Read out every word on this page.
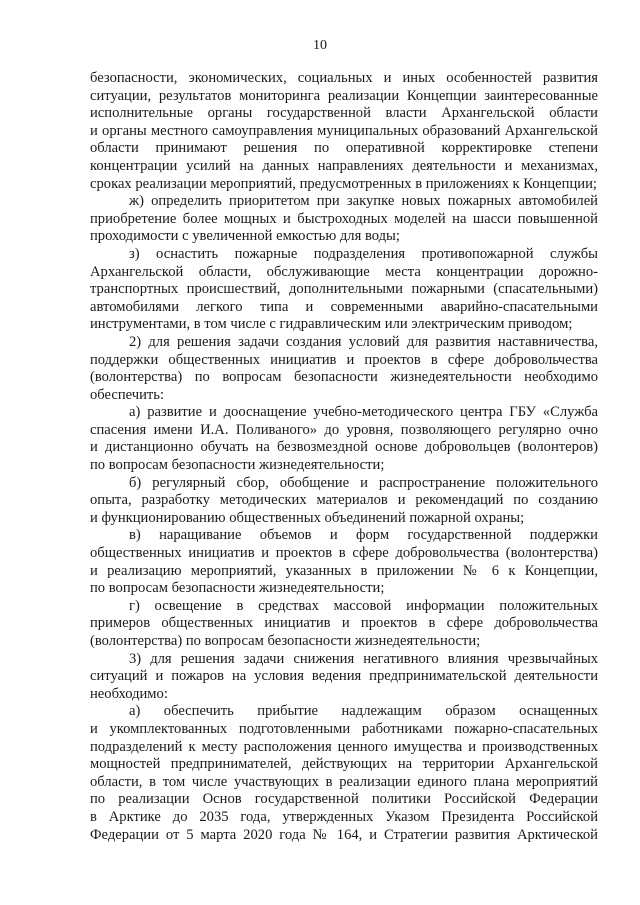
10
безопасности, экономических, социальных и иных особенностей развития
ситуации, результатов мониторинга реализации Концепции заинтересованные
исполнительные органы государственной власти Архангельской области
и органы местного самоуправления муниципальных образований Архангельской
области принимают решения по оперативной корректировке степени
концентрации усилий на данных направлениях деятельности и механизмах,
сроках реализации мероприятий, предусмотренных в приложениях к Концепции;
ж) определить приоритетом при закупке новых пожарных автомобилей
приобретение более мощных и быстроходных моделей на шасси повышенной
проходимости с увеличенной емкостью для воды;
з) оснастить пожарные подразделения противопожарной службы
Архангельской области, обслуживающие места концентрации дорожно-
транспортных происшествий, дополнительными пожарными (спасательными)
автомобилями легкого типа и современными аварийно-спасательными
инструментами, в том числе с гидравлическим или электрическим приводом;
2) для решения задачи создания условий для развития наставничества,
поддержки общественных инициатив и проектов в сфере добровольчества
(волонтерства) по вопросам безопасности жизнедеятельности необходимо
обеспечить:
а) развитие и дооснащение учебно-методического центра ГБУ «Служба
спасения имени И.А. Поливаного» до уровня, позволяющего регулярно очно
и дистанционно обучать на безвозмездной основе добровольцев (волонтеров)
по вопросам безопасности жизнедеятельности;
б) регулярный сбор, обобщение и распространение положительного
опыта, разработку методических материалов и рекомендаций по созданию
и функционированию общественных объединений пожарной охраны;
в) наращивание объемов и форм государственной поддержки
общественных инициатив и проектов в сфере добровольчества (волонтерства)
и реализацию мероприятий, указанных в приложении № 6 к Концепции,
по вопросам безопасности жизнедеятельности;
г) освещение в средствах массовой информации положительных
примеров общественных инициатив и проектов в сфере добровольчества
(волонтерства) по вопросам безопасности жизнедеятельности;
3) для решения задачи снижения негативного влияния чрезвычайных
ситуаций и пожаров на условия ведения предпринимательской деятельности
необходимо:
а) обеспечить прибытие надлежащим образом оснащенных
и укомплектованных подготовленными работниками пожарно-спасательных
подразделений к месту расположения ценного имущества и производственных
мощностей предпринимателей, действующих на территории Архангельской
области, в том числе участвующих в реализации единого плана мероприятий
по реализации Основ государственной политики Российской Федерации
в Арктике до 2035 года, утвержденных Указом Президента Российской
Федерации от 5 марта 2020 года № 164, и Стратегии развития Арктической
